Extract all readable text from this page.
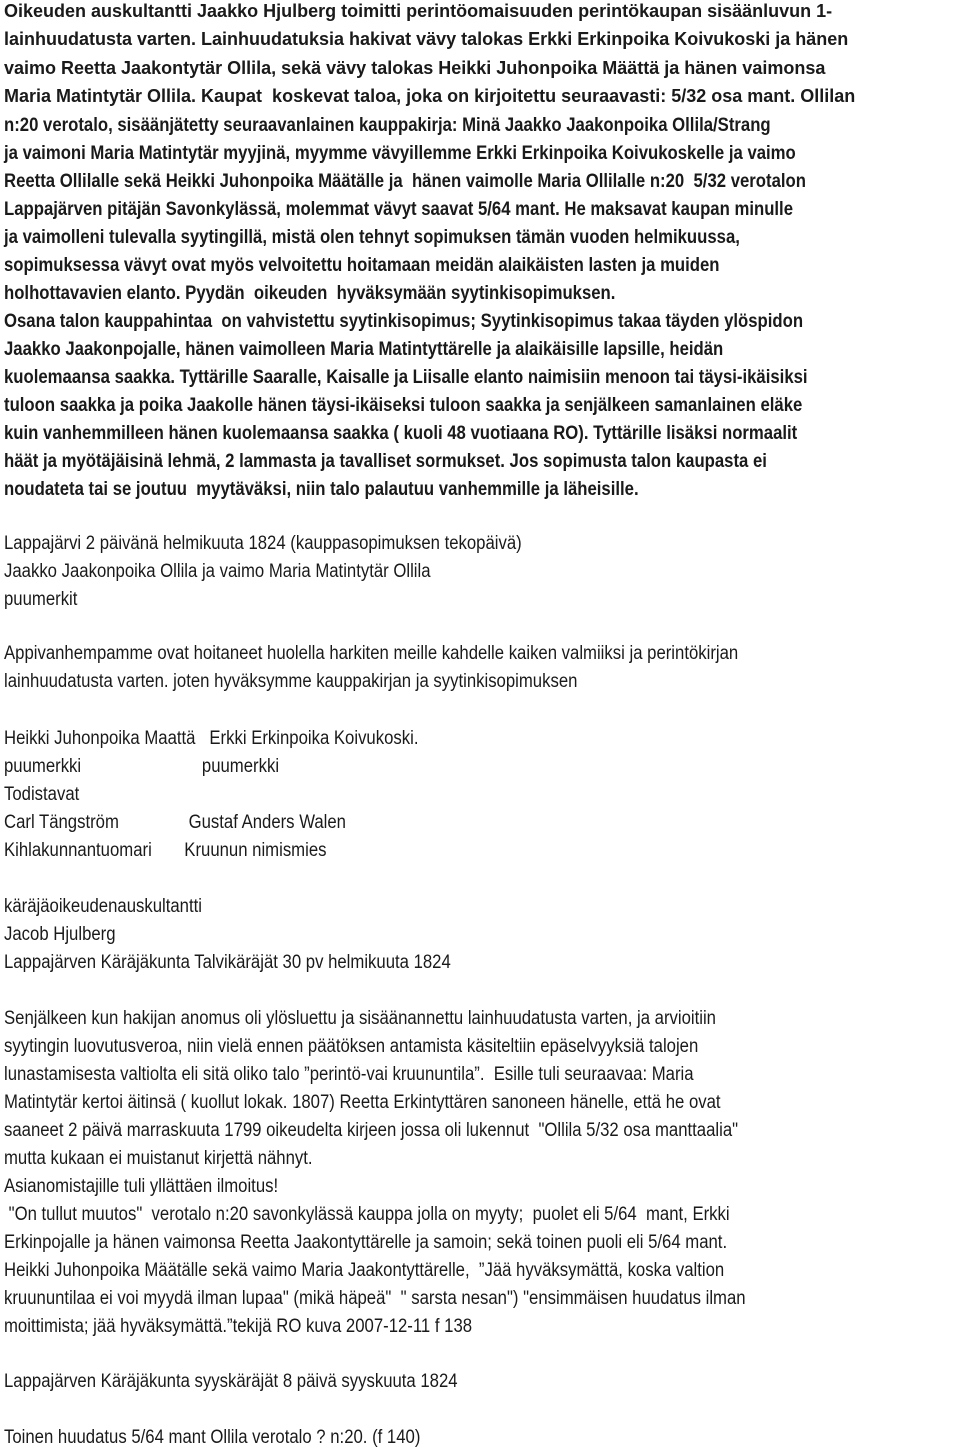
Oikeuden auskultantti Jaakko Hjulberg toimitti perintöomaisuuden perintökaupan sisäänluvun 1-

lainhuudatusta varten. Lainhuudatuksia hakivat vävy talokas Erkki Erkinpoika Koivukoski ja hänen

vaimo Reetta Jaakontytär Ollila, sekä vävy talokas Heikki Juhonpoika Määttä ja hänen vaimonsa

Maria Matintytär Ollila. Kaupat  koskevat taloa, joka on kirjoitettu seuraavasti: 5/32 osa mant. Ollilan

n:20 verotalo, sisäänjätetty seuraavanlainen kauppakirja: Minä Jaakko Jaakonpoika Ollila/Strang

ja vaimoni Maria Matintytär myyjinä, myymme vävyillemme Erkki Erkinpoika Koivukoskelle ja vaimo

Reetta Ollilalle sekä Heikki Juhonpoika Määtälle ja  hänen vaimolle Maria Ollilalle n:20  5/32 verotalon

Lappajärven pitäjän Savonkylässä, molemmat vävyt saavat 5/64 mant. He maksavat kaupan minulle

ja vaimolleni tulevalla syytingillä, mistä olen tehnyt sopimuksen tämän vuoden helmikuussa,

sopimuksessa vävyt ovat myös velvoitettu hoitamaan meidän alaikäisten lasten ja muiden

holhottavavien elanto. Pyydän  oikeuden  hyväksymään syytinkisopimuksen.

Osana talon kauppahintaa  on vahvistettu syytinkisopimus; Syytinkisopimus takaa täyden ylöspidon

Jaakko Jaakonpojalle, hänen vaimolleen Maria Matintyttärelle ja alaikäisille lapsille, heidän

kuolemaansa saakka. Tyttärille Saaralle, Kaisalle ja Liisalle elanto naimisiin menoon tai täysi-ikäisiksi

tuloon saakka ja poika Jaakolle hänen täysi-ikäiseksi tuloon saakka ja senjälkeen samanlainen eläke

kuin vanhemmilleen hänen kuolemaansa saakka ( kuoli 48 vuotiaana RO). Tyttärille lisäksi normaalit

häät ja myötäjäisinä lehmä, 2 lammasta ja tavalliset sormukset. Jos sopimusta talon kaupasta ei

noudateta tai se joutuu  myytäväksi, niin talo palautuu vanhemmille ja läheisille.

Lappajärvi 2 päivänä helmikuuta 1824 (kauppasopimuksen tekopäivä)

Jaakko Jaakonpoika Ollila ja vaimo Maria Matintytär Ollila

puumerkit

Appivanhempamme ovat hoitaneet huolella harkiten meille kahdelle kaiken valmiiksi ja perintökirjan

lainhuudatusta varten. joten hyväksymme kauppakirjan ja syytinkisopimuksen

Heikki Juhonpoika Maattä   Erkki Erkinpoika Koivukoski.

puumerkki                          puumerkki

Todistavat

Carl Tängström               Gustaf Anders Walen

Kihlakunnantuomari       Kruunun nimismies

käräjäoikeudenauskultantti

Jacob Hjulberg

Lappajärven Käräjäkunta Talvikäräjät 30 pv helmikuuta 1824

Senjälkeen kun hakijan anomus oli ylösluettu ja sisäänannettu lainhuudatusta varten, ja arvioitiin

syytingin luovutusveroa, niin vielä ennen päätöksen antamista käsiteltiin epäselvyyksiä talojen

lunastamisesta valtiolta eli sitä oliko talo ”perintö-vai kruununtila”.  Esille tuli seuraavaa: Maria

Matintytär kertoi äitinsä ( kuollut lokak. 1807) Reetta Erkintyttären sanoneen hänelle, että he ovat

saaneet 2 päivä marraskuuta 1799 oikeudelta kirjeen jossa oli lukennut  "Ollila 5/32 osa manttaalia"

mutta kukaan ei muistanut kirjettä nähnyt.

Asianomistajille tuli yllättäen ilmoitus!

"On tullut muutos"  verotalo n:20 savonkylässä kauppa jolla on myyty;  puolet eli 5/64  mant, Erkki

Erkinpojalle ja hänen vaimonsa Reetta Jaakontyttärelle ja samoin; sekä toinen puoli eli 5/64 mant.

Heikki Juhonpoika Määtälle sekä vaimo Maria Jaakontyttärelle,  ”Jää hyväksymättä, koska valtion

kruununtilaa ei voi myydä ilman lupaa" (mikä häpeä"  " sarsta nesan") "ensimmäisen huudatus ilman

moittimista; jää hyväksymättä.”tekijä RO kuva 2007-12-11 f 138

Lappajärven Käräjäkunta syyskäräjät 8 päivä syyskuuta 1824

Toinen huudatus 5/64 mant Ollila verotalo ? n:20. (f 140)
